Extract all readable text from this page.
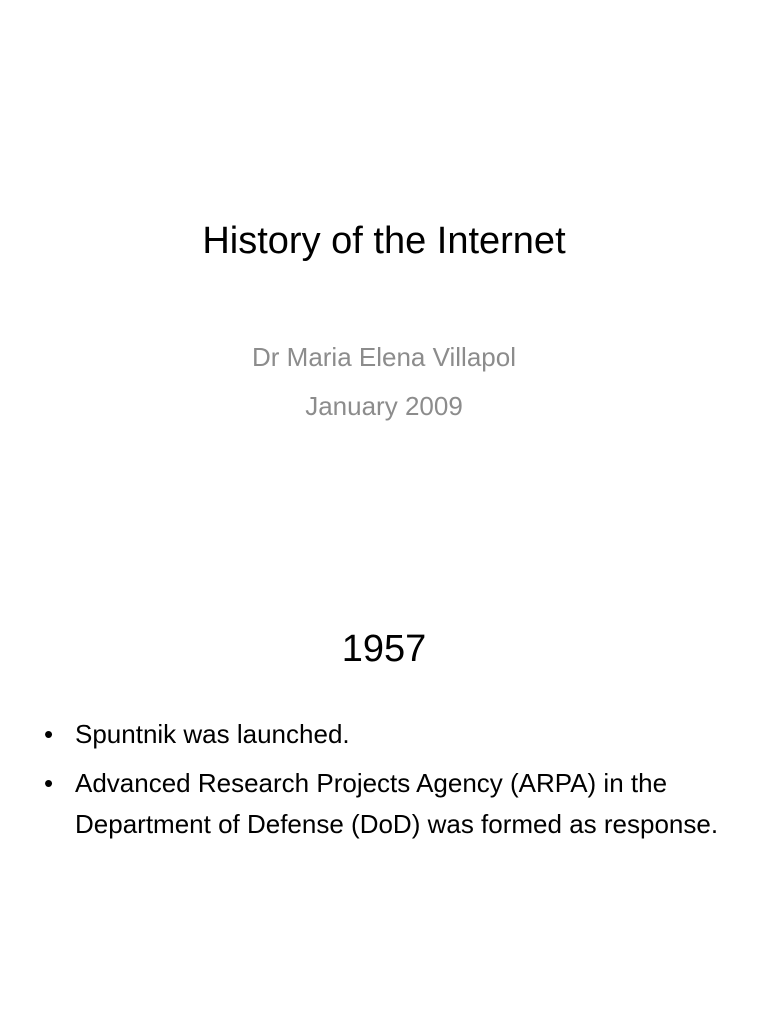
History of the Internet
Dr Maria Elena Villapol
January 2009
1957
• Spuntnik was launched.
• Advanced Research Projects Agency (ARPA) in the Department of Defense (DoD) was formed as response.
